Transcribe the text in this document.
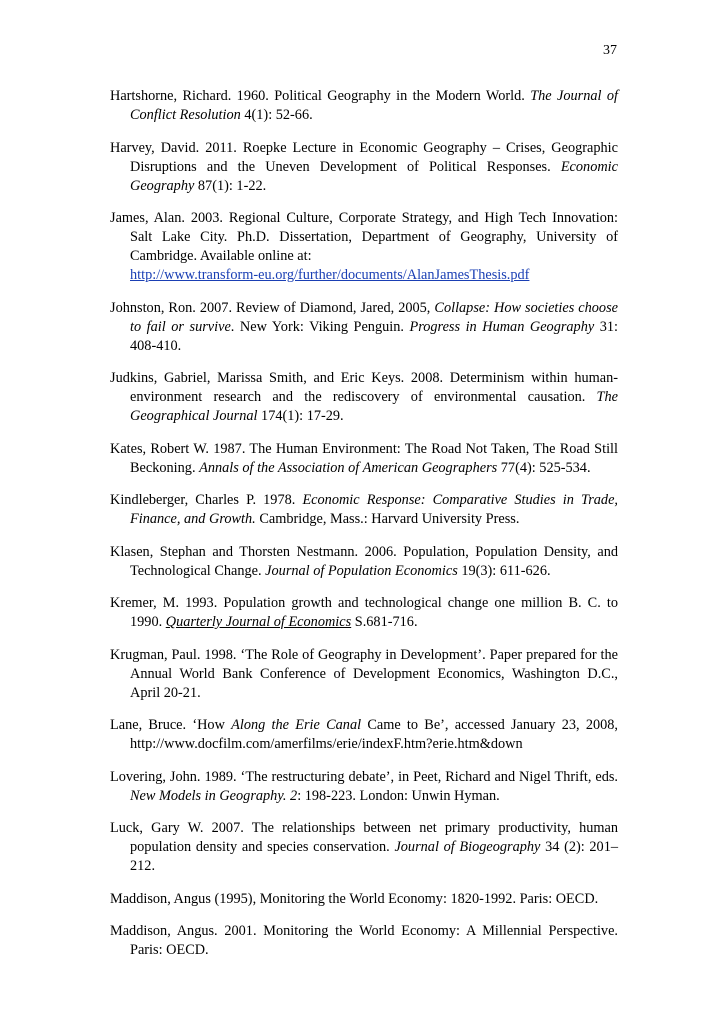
37

Hartshorne, Richard. 1960. Political Geography in the Modern World. The Journal of Conflict Resolution 4(1): 52-66.

Harvey, David. 2011. Roepke Lecture in Economic Geography – Crises, Geographic Disruptions and the Uneven Development of Political Responses. Economic Geography 87(1): 1-22.

James, Alan. 2003. Regional Culture, Corporate Strategy, and High Tech Innovation: Salt Lake City. Ph.D. Dissertation, Department of Geography, University of Cambridge. Available online at:
http://www.transform-eu.org/further/documents/AlanJamesThesis.pdf

Johnston, Ron. 2007. Review of Diamond, Jared, 2005, Collapse: How societies choose to fail or survive. New York: Viking Penguin. Progress in Human Geography 31: 408-410.

Judkins, Gabriel, Marissa Smith, and Eric Keys. 2008. Determinism within human-environment research and the rediscovery of environmental causation. The Geographical Journal 174(1): 17-29.

Kates, Robert W. 1987. The Human Environment: The Road Not Taken, The Road Still Beckoning. Annals of the Association of American Geographers 77(4): 525-534.

Kindleberger, Charles P. 1978. Economic Response: Comparative Studies in Trade, Finance, and Growth. Cambridge, Mass.: Harvard University Press.

Klasen, Stephan and Thorsten Nestmann. 2006. Population, Population Density, and Technological Change. Journal of Population Economics 19(3): 611-626.

Kremer, M. 1993. Population growth and technological change one million B. C. to 1990. Quarterly Journal of Economics S.681-716.

Krugman, Paul. 1998. ‘The Role of Geography in Development’. Paper prepared for the Annual World Bank Conference of Development Economics, Washington D.C., April 20-21.

Lane, Bruce. ‘How Along the Erie Canal Came to Be’, accessed January 23, 2008, http://www.docfilm.com/amerfilms/erie/indexF.htm?erie.htm&down

Lovering, John. 1989. ‘The restructuring debate’, in Peet, Richard and Nigel Thrift, eds. New Models in Geography. 2: 198-223. London: Unwin Hyman.

Luck, Gary W. 2007. The relationships between net primary productivity, human population density and species conservation. Journal of Biogeography 34 (2): 201–212.

Maddison, Angus (1995), Monitoring the World Economy: 1820-1992. Paris: OECD.

Maddison, Angus. 2001. Monitoring the World Economy: A Millennial Perspective. Paris: OECD.
